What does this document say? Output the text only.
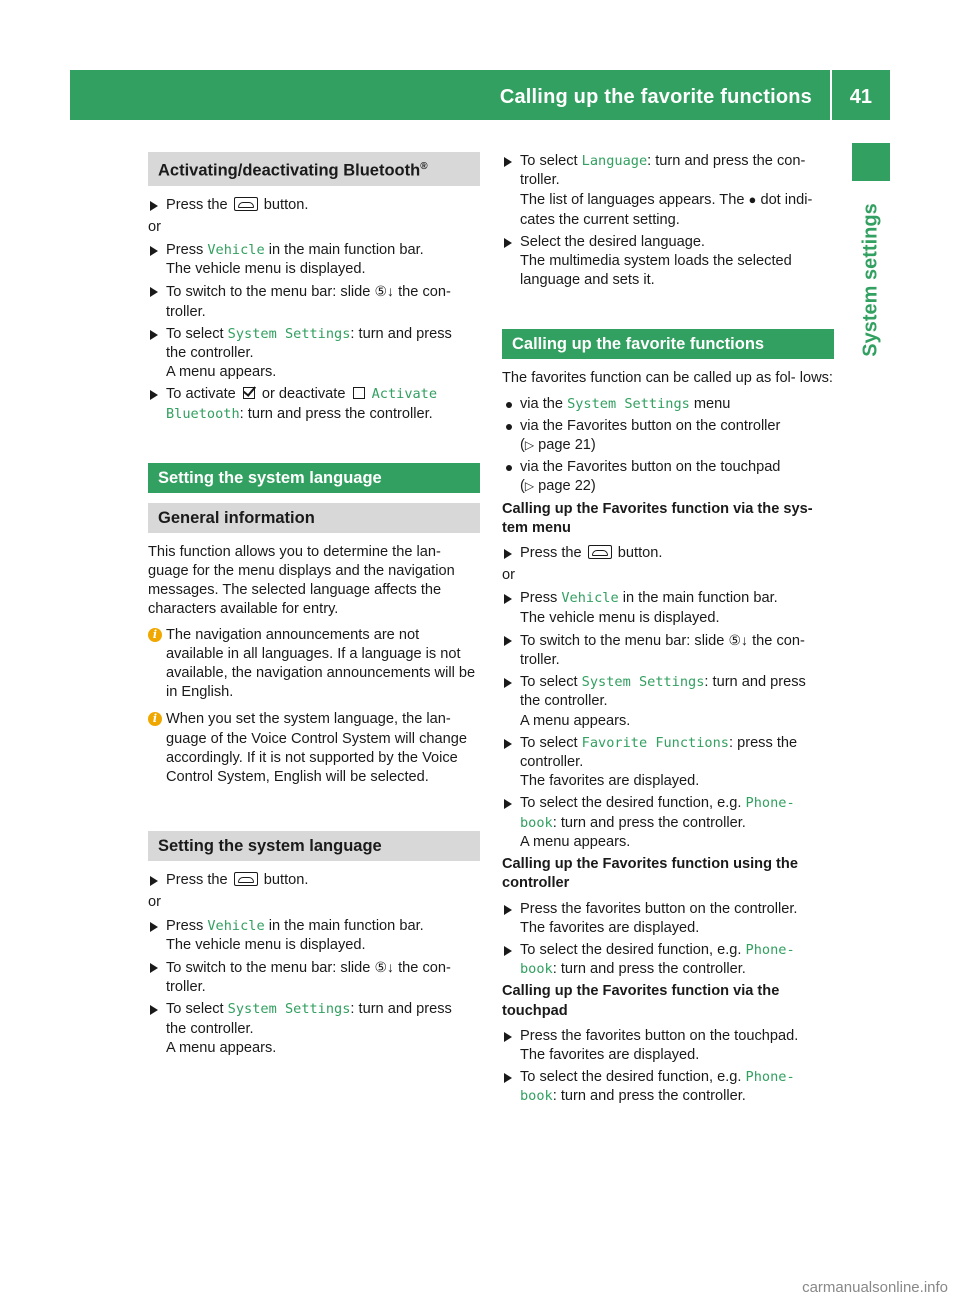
Calling up the favorite functions 41
System settings
Activating/deactivating Bluetooth®
Press the button.
or
Press Vehicle in the main function bar.
The vehicle menu is displayed.
To switch to the menu bar: slide ⑤↓ the con-
troller.
To select System Settings: turn and press
the controller.
A menu appears.
To activate or deactivate Activate
Bluetooth: turn and press the controller.
Setting the system language
General information
This function allows you to determine the lan- guage for the menu displays and the navigation messages. The selected language affects the characters available for entry.
i The navigation announcements are not available in all languages. If a language is not available, the navigation announcements will be in English.
i When you set the system language, the lan- guage of the Voice Control System will change accordingly. If it is not supported by the Voice Control System, English will be selected.
Setting the system language
Press the button.
or
Press Vehicle in the main function bar.
The vehicle menu is displayed.
To switch to the menu bar: slide ⑤↓ the con-
troller.
To select System Settings: turn and press
the controller.
A menu appears.
To select Language: turn and press the con-
troller.
The list of languages appears. The ● dot indi- cates the current setting.
Select the desired language.
The multimedia system loads the selected language and sets it.
Calling up the favorite functions
The favorites function can be called up as fol- lows:
via the System Settings menu
via the Favorites button on the controller
(▷ page 21)
via the Favorites button on the touchpad
(▷ page 22)
Calling up the Favorites function via the sys- tem menu
Press the button.
or
Press Vehicle in the main function bar.
The vehicle menu is displayed.
To switch to the menu bar: slide ⑤↓ the con-
troller.
To select System Settings: turn and press
the controller.
A menu appears.
To select Favorite Functions: press the
controller.
The favorites are displayed.
To select the desired function, e.g. Phone‐
book: turn and press the controller.
A menu appears.
Calling up the Favorites function using the controller
Press the favorites button on the controller.
The favorites are displayed.
To select the desired function, e.g. Phone‐
book: turn and press the controller.
Calling up the Favorites function via the touchpad
Press the favorites button on the touchpad.
The favorites are displayed.
To select the desired function, e.g. Phone‐
book: turn and press the controller.
carmanualsonline.info
